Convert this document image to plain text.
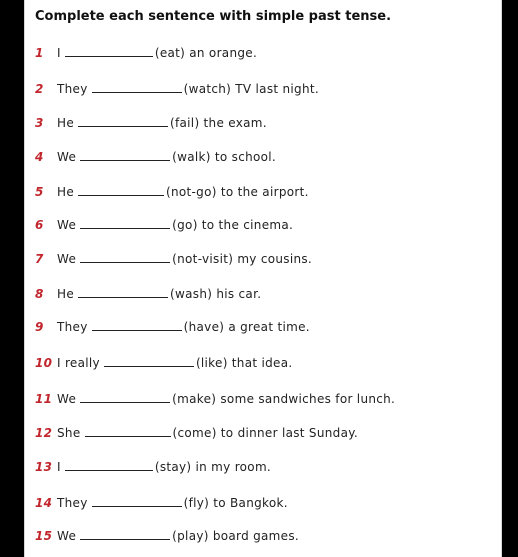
Complete each sentence with simple past tense.
1	I	(eat) an orange.
2	They	(watch) TV last night.
3	He	(fail) the exam.
4	We	(walk) to school.
5	He	(not-go) to the airport.
6	We	(go) to the cinema.
7	We	(not-visit) my cousins.
8	He	(wash) his car.
9	They	(have) a great time.
10 I really	(like) that idea.
11 We	(make) some sandwiches for lunch.
12 She	(come) to dinner last Sunday.
13 I	(stay) in my room.
14 They	(fly) to Bangkok.
15 We	(play) board games.
